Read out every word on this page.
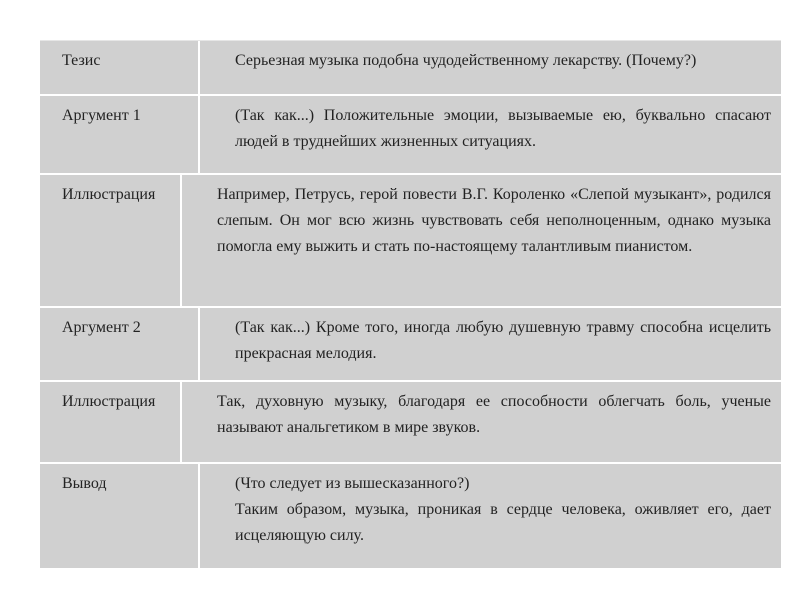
Тезис	Серьезная музыка подобна чудодейственному лекарству. (Почему?)
Аргумент 1	(Так как...) Положительные эмоции, вызываемые ею, буквально спасают людей в труднейших жизненных ситуациях.
Иллюстрация	Например, Петрусь, герой повести В.Г. Короленко «Слепой музыкант», родился слепым. Он мог всю жизнь чувствовать себя неполноценным, однако музыка помогла ему выжить и стать по-настоящему талантливым пианистом.
Аргумент 2	(Так как...) Кроме того, иногда любую душевную травму способна исцелить прекрасная мелодия.
Иллюстрация	Так, духовную музыку, благодаря ее способности облегчать боль, ученые называют анальгетиком в мире звуков.
Вывод	(Что следует из вышесказанного?)
Таким образом, музыка, проникая в сердце человека, оживляет его, дает исцеляющую силу.
